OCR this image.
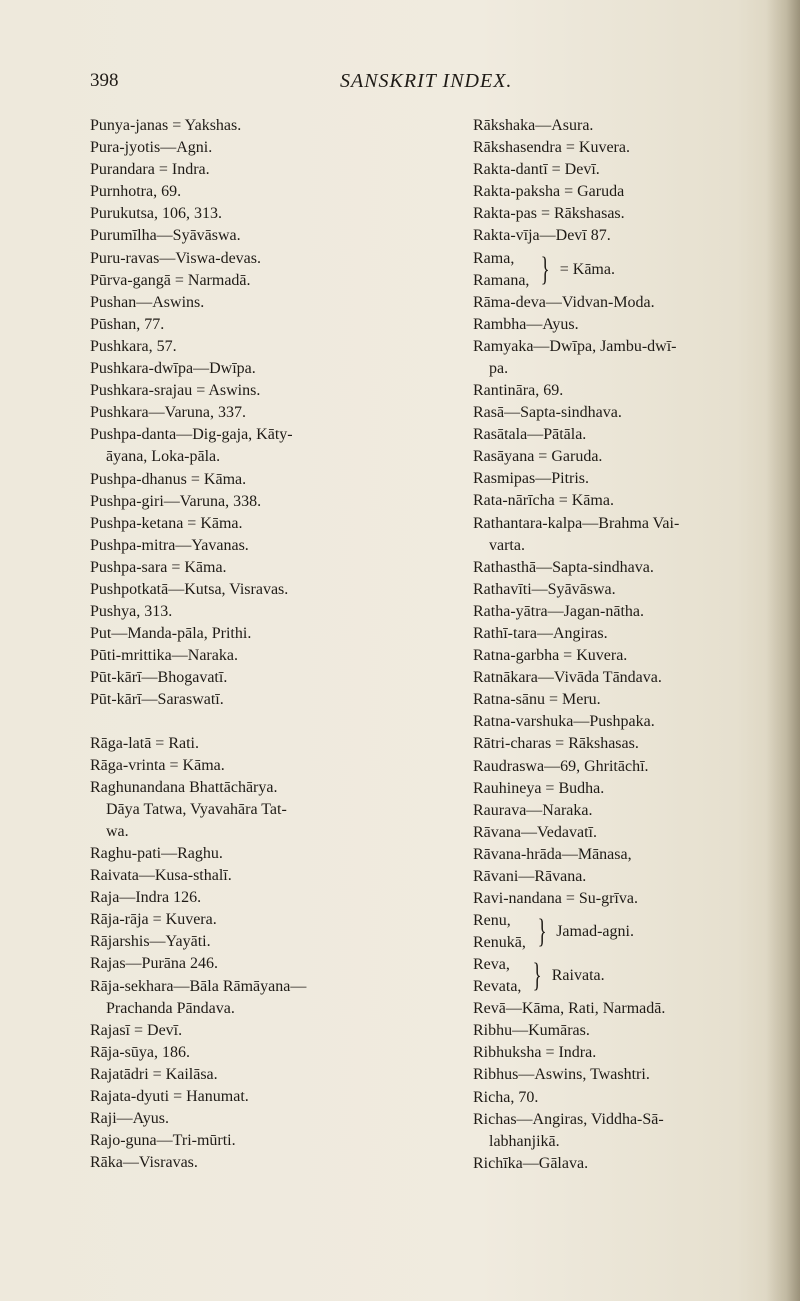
398	SANSKRIT INDEX.
Punya-janas = Yakshas.
Pura-jyotis—Agni.
Purandara = Indra.
Purnhotra, 69.
Purukutsa, 106, 313.
Purumīlha—Syāvāswa.
Puru-ravas—Viswa-devas.
Pūrva-gangā = Narmadā.
Pushan—Aswins.
Pūshan, 77.
Pushkara, 57.
Pushkara-dwīpa—Dwīpa.
Pushkara-srajau = Aswins.
Pushkara—Varuna, 337.
Pushpa-danta—Dig-gaja, Kāty-
āyana, Loka-pāla.
Pushpa-dhanus = Kāma.
Pushpa-giri—Varuna, 338.
Pushpa-ketana = Kāma.
Pushpa-mitra—Yavanas.
Pushpa-sara = Kāma.
Pushpotkatā—Kutsa, Visravas.
Pushya, 313.
Put—Manda-pāla, Prithi.
Pūti-mrittika—Naraka.
Pūt-kārī—Bhogavatī.
Pūt-kārī—Saraswatī.
Rāga-latā = Rati.
Rāga-vrinta = Kāma.
Raghunandana Bhattāchārya.
Dāya Tatwa, Vyavahāra Tat-
wa.
Raghu-pati—Raghu.
Raivata—Kusa-sthalī.
Raja—Indra 126.
Rāja-rāja = Kuvera.
Rājarshis—Yayāti.
Rajas—Purāna 246.
Rāja-sekhara—Bāla Rāmāyana—
Prachanda Pāndava.
Rajasī = Devī.
Rāja-sūya, 186.
Rajatādri = Kailāsa.
Rajata-dyuti = Hanumat.
Raji—Ayus.
Rajo-guna—Tri-mūrti.
Rāka—Visravas.
Rākshaka—Asura.
Rākshasendra = Kuvera.
Rakta-dantī = Devī.
Rakta-paksha = Garuda
Rakta-pas = Rākshasas.
Rakta-vīja—Devī 87.
Rama,
Ramana, } = Kāma.
Rāma-deva—Vidvan-Moda.
Rambha—Ayus.
Ramyaka—Dwīpa, Jambu-dwī-
pa.
Rantināra, 69.
Rasā—Sapta-sindhava.
Rasātala—Pātāla.
Rasāyana = Garuda.
Rasmipas—Pitris.
Rata-nārīcha = Kāma.
Rathantara-kalpa—Brahma Vai-
varta.
Rathasthā—Sapta-sindhava.
Rathavīti—Syāvāswa.
Ratha-yātra—Jagan-nātha.
Rathī-tara—Angiras.
Ratna-garbha = Kuvera.
Ratnākara—Vivāda Tāndava.
Ratna-sānu = Meru.
Ratna-varshuka—Pushpaka.
Rātri-charas = Rākshasas.
Raudraswa—69, Ghritāchī.
Rauhineya = Budha.
Raurava—Naraka.
Rāvana—Vedavatī.
Rāvana-hrāda—Mānasa,
Rāvani—Rāvana.
Ravi-nandana = Su-grīva.
Renu,
Renukā, } Jamad-agni.
Reva,
Revata, } Raivata.
Revā—Kāma, Rati, Narmadā.
Ribhu—Kumāras.
Ribhuksha = Indra.
Ribhus—Aswins, Twashtri.
Richa, 70.
Richas—Angiras, Viddha-Sā-
labhanjikā.
Richīka—Gālava.
